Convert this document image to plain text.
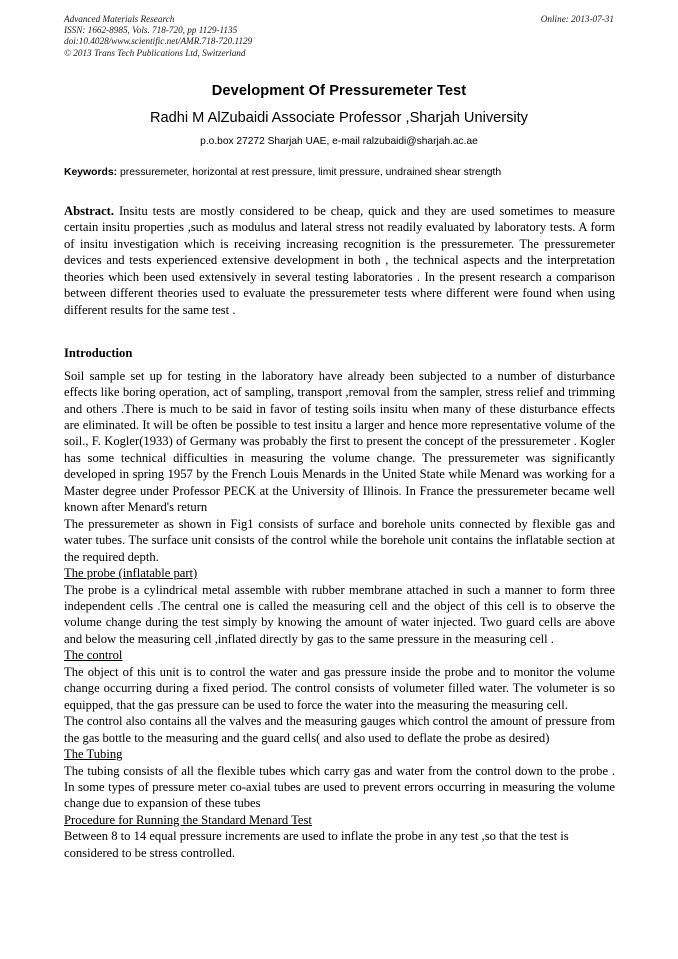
Advanced Materials Research
ISSN: 1662-8985, Vols. 718-720, pp 1129-1135
doi:10.4028/www.scientific.net/AMR.718-720.1129
© 2013 Trans Tech Publications Ltd, Switzerland
Online: 2013-07-31
Development Of Pressuremeter Test
Radhi M AlZubaidi Associate Professor ,Sharjah University
p.o.box 27272 Sharjah UAE, e-mail ralzubaidi@sharjah.ac.ae
Keywords: pressuremeter, horizontal at rest pressure, limit pressure, undrained shear strength

Abstract. Insitu tests are mostly considered to be cheap, quick and they are used sometimes to measure certain insitu properties ,such as modulus and lateral stress not readily evaluated by laboratory tests. A form of insitu investigation which is receiving increasing recognition is the pressuremeter. The pressuremeter devices and tests experienced extensive development in both , the technical aspects and the interpretation theories which been used extensively in several testing laboratories . In the present research a comparison between different theories used to evaluate the pressuremeter tests where different were found when using different results for the same test .

Introduction

Soil sample set up for testing in the laboratory have already been subjected to a number of disturbance effects like boring operation, act of sampling, transport ,removal from the sampler, stress relief and trimming and others .There is much to be said in favor of testing soils insitu when many of these disturbance effects are eliminated. It will be often be possible to test insitu a larger and hence more representative volume of the soil., F. Kogler(1933) of Germany was probably the first to present the concept of the pressuremeter . Kogler has some technical difficulties in measuring the volume change. The pressuremeter was significantly developed in spring 1957 by the French Louis Menards in the United State while Menard was working for a Master degree under Professor PECK at the University of Illinois. In France the pressuremeter became well known after Menard's return

The pressuremeter as shown in Fig1 consists of surface and borehole units connected by flexible gas and water tubes. The surface unit consists of the control while the borehole unit contains the inflatable section at the required depth.

The probe (inflatable part)

The probe is a cylindrical metal assemble with rubber membrane attached in such a manner to form three independent cells .The central one is called the measuring cell and the object of this cell is to observe the volume change during the test simply by knowing the amount of water injected. Two guard cells are above and below the measuring cell ,inflated directly by gas to the same pressure in the measuring cell .

The control

The object of this unit is to control the water and gas pressure inside the probe and to monitor the volume change occurring during a fixed period. The control consists of volumeter filled water. The volumeter is so equipped, that the gas pressure can be used to force the water into the measuring the measuring cell.

The control also contains all the valves and the measuring gauges which control the amount of pressure from the gas bottle to the measuring and the guard cells( and also used to deflate the probe as desired)

The Tubing

The tubing consists of all the flexible tubes which carry gas and water from the control down to the probe . In some types of pressure meter co-axial tubes are used to prevent errors occurring in measuring the volume change due to expansion of these tubes

Procedure for Running the Standard Menard Test

Between 8 to 14 equal pressure increments are used to inflate the probe in any test ,so that the test is considered to be stress controlled.
